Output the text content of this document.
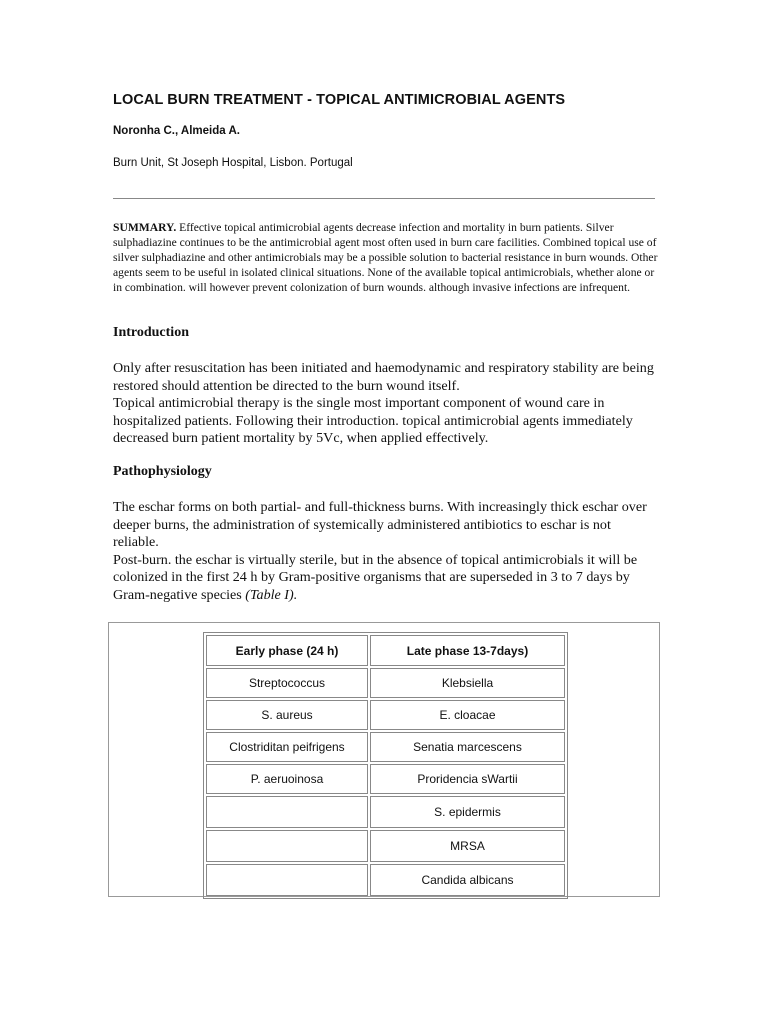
LOCAL BURN TREATMENT - TOPICAL ANTIMICROBIAL AGENTS
Noronha C., Almeida A.
Burn Unit, St Joseph Hospital, Lisbon. Portugal

SUMMARY. Effective topical antimicrobial agents decrease infection and mortality in burn patients. Silver sulphadiazine continues to be the antimicrobial agent most often used in burn care facilities. Combined topical use of silver sulphadiazine and other antimicrobials may be a possible solution to bacterial resistance in burn wounds. Other agents seem to be useful in isolated clinical situations. None of the available topical antimicrobials, whether alone or in combination. will however prevent colonization of burn wounds. although invasive infections are infrequent.

Introduction

Only after resuscitation has been initiated and haemodynamic and respiratory stability are being restored should attention be directed to the burn wound itself.
Topical antimicrobial therapy is the single most important component of wound care in hospitalized patients. Following their introduction. topical antimicrobial agents immediately decreased burn patient mortality by 5Vc, when applied effectively.

Pathophysiology

The eschar forms on both partial- and full-thickness burns. With increasingly thick eschar over deeper burns, the administration of systemically administered antibiotics to eschar is not reliable.
Post-burn. the eschar is virtually sterile, but in the absence of topical antimicrobials it will be colonized in the first 24 h by Gram-positive organisms that are superseded in 3 to 7 days by Gram-negative species (Table I).
Early phase (24 h)	Late phase 13-7days)
Streptococcus	Klebsiella
S. aureus	E. cloacae
Clostriditan peifrigens	Senatia marcescens
P. aeruoinosa	Proridencia sWartii
	S. epidermis
	MRSA
	Candida albicans
